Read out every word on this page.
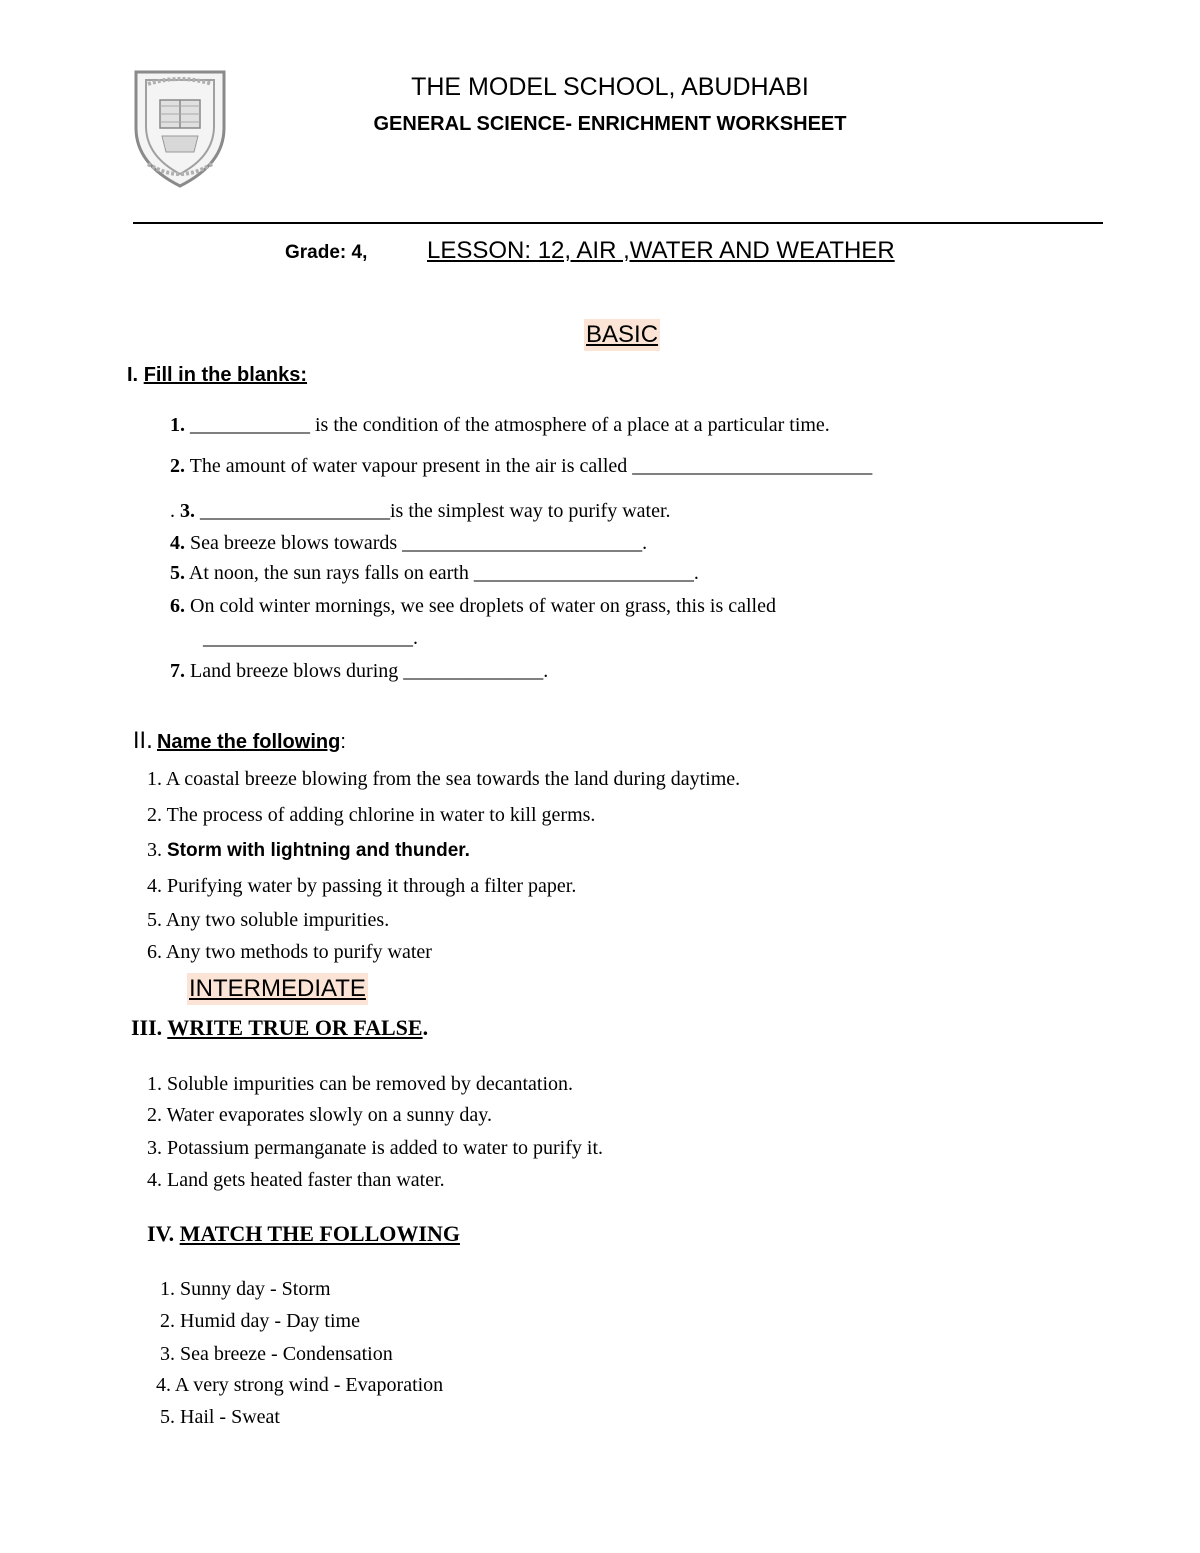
THE MODEL SCHOOL, ABUDHABI
GENERAL SCIENCE- ENRICHMENT WORKSHEET
Grade: 4, LESSON: 12, AIR ,WATER AND WEATHER
BASIC
I. Fill in the blanks:
1. ____________ is the condition of the atmosphere of a place at a particular time.
2. The amount of water vapour present in the air is called ________________________
. 3. ___________________is the simplest way to purify water.
4. Sea breeze blows towards ________________________.
5. At noon, the sun rays falls on earth ______________________.
6. On cold winter mornings, we see droplets of water on grass, this is called
_____________________.
7. Land breeze blows during ______________.
II. Name the following:
1. A coastal breeze blowing from the sea towards the land during daytime.
2. The process of adding chlorine in water to kill germs.
3. Storm with lightning and thunder.
4. Purifying water by passing it through a filter paper.
5. Any two soluble impurities.
6. Any two methods to purify water
INTERMEDIATE
III. WRITE TRUE OR FALSE.
1. Soluble impurities can be removed by decantation.
2. Water evaporates slowly on a sunny day.
3. Potassium permanganate is added to water to purify it.
4. Land gets heated faster than water.
IV. MATCH THE FOLLOWING
1. Sunny day - Storm
2. Humid day - Day time
3. Sea breeze - Condensation
4. A very strong wind - Evaporation
5. Hail - Sweat
